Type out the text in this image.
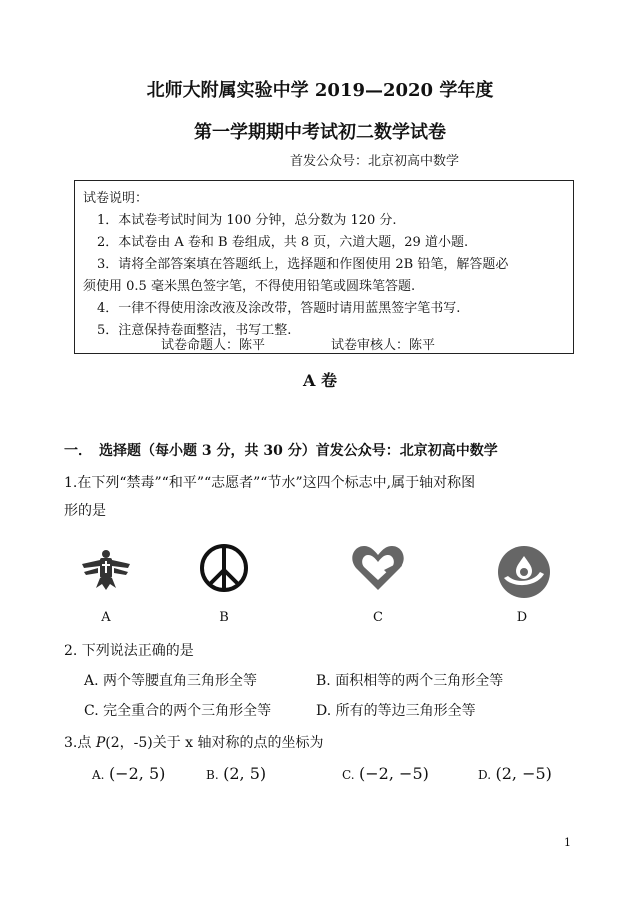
北师大附属实验中学 2019—2020 学年度
第一学期期中考试初二数学试卷
首发公众号：北京初高中数学
试卷说明：
1．本试卷考试时间为 100 分钟，总分数为 120 分.
2．本试卷由 A 卷和 B 卷组成，共 8 页，六道大题，29 道小题.
3．请将全部答案填在答题纸上，选择题和作图使用 2B 铅笔，解答题必
须使用 0.5 毫米黑色签字笔，不得使用铅笔或圆珠笔答题.
4．一律不得使用涂改液及涂改带，答题时请用蓝黑签字笔书写.
5．注意保持卷面整洁，书写工整.
试卷命题人：陈平	试卷审核人：陈平
A 卷
一．　选择题（每小题 3 分，共 30 分）首发公众号：北京初高中数学
1.在下列“禁毒”“和平”“志愿者”“节水”这四个标志中,属于轴对称图
形的是
A	B	C	D
2. 下列说法正确的是
A. 两个等腰直角三角形全等	B. 面积相等的两个三角形全等
C. 完全重合的两个三角形全等	D. 所有的等边三角形全等
3.点 P(2，-5)关于 x 轴对称的点的坐标为
A. (−2, 5)	B. (2, 5)	C. (−2, −5)	D. (2, −5)
1
